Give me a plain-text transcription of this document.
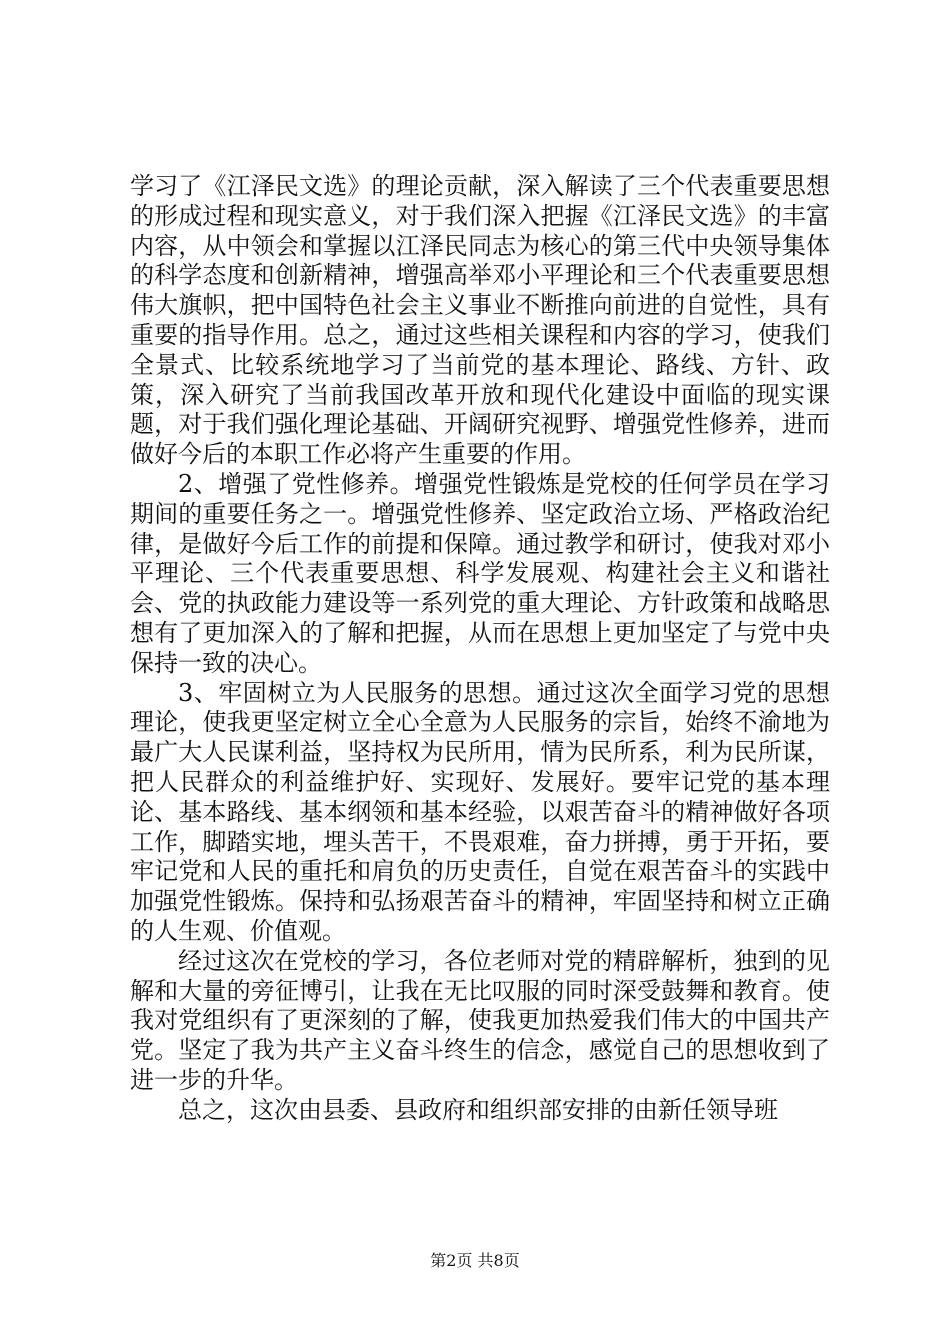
学习了《江泽民文选》的理论贡献，深入解读了三个代表重要思想的形成过程和现实意义，对于我们深入把握《江泽民文选》的丰富内容，从中领会和掌握以江泽民同志为核心的第三代中央领导集体的科学态度和创新精神，增强高举邓小平理论和三个代表重要思想伟大旗帜，把中国特色社会主义事业不断推向前进的自觉性，具有重要的指导作用。总之，通过这些相关课程和内容的学习，使我们全景式、比较系统地学习了当前党的基本理论、路线、方针、政策，深入研究了当前我国改革开放和现代化建设中面临的现实课题，对于我们强化理论基础、开阔研究视野、增强党性修养，进而做好今后的本职工作必将产生重要的作用。

2、增强了党性修养。增强党性锻炼是党校的任何学员在学习期间的重要任务之一。增强党性修养、坚定政治立场、严格政治纪律，是做好今后工作的前提和保障。通过教学和研讨，使我对邓小平理论、三个代表重要思想、科学发展观、构建社会主义和谐社会、党的执政能力建设等一系列党的重大理论、方针政策和战略思想有了更加深入的了解和把握，从而在思想上更加坚定了与党中央保持一致的决心。

3、牢固树立为人民服务的思想。通过这次全面学习党的思想理论，使我更坚定树立全心全意为人民服务的宗旨，始终不渝地为最广大人民谋利益，坚持权为民所用，情为民所系，利为民所谋，把人民群众的利益维护好、实现好、发展好。要牢记党的基本理论、基本路线、基本纲领和基本经验，以艰苦奋斗的精神做好各项工作，脚踏实地，埋头苦干，不畏艰难，奋力拼搏，勇于开拓，要牢记党和人民的重托和肩负的历史责任，自觉在艰苦奋斗的实践中加强党性锻炼。保持和弘扬艰苦奋斗的精神，牢固坚持和树立正确的人生观、价值观。

经过这次在党校的学习，各位老师对党的精辟解析，独到的见解和大量的旁征博引，让我在无比叹服的同时深受鼓舞和教育。使我对党组织有了更深刻的了解，使我更加热爱我们伟大的中国共产党。坚定了我为共产主义奋斗终生的信念，感觉自己的思想收到了进一步的升华。

总之，这次由县委、县政府和组织部安排的由新任领导班

第2页 共8页
